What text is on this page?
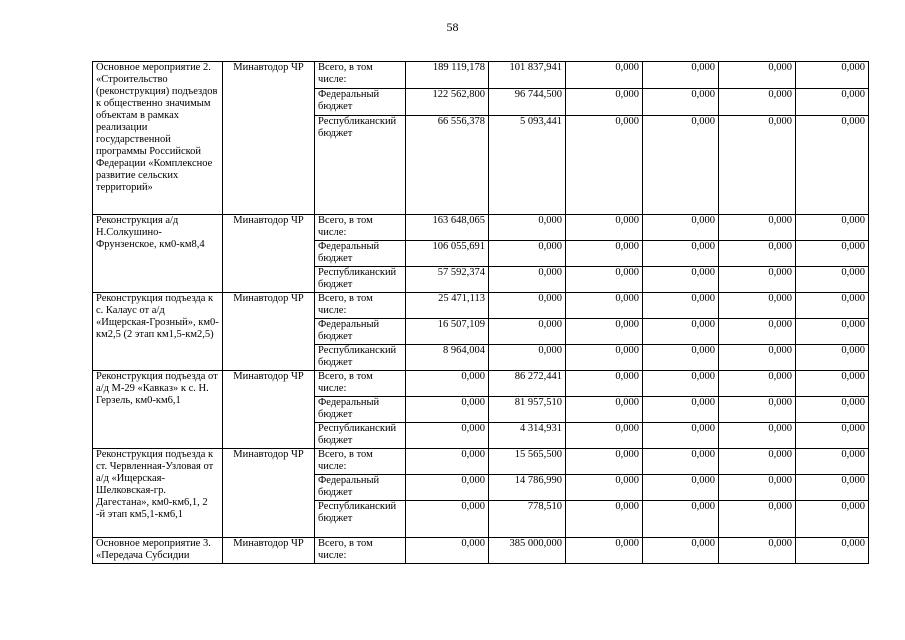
58
Основное мероприятие 2. «Строительство (реконструкция) подъездов к общественно значимым объектам в рамках реализации государственной программы Российской Федерации «Комплексное развитие сельских территорий»	Минавтодор ЧР	Всего, в том числе:	189 119,178	101 837,941	0,000	0,000	0,000	0,000
		Федеральный бюджет	122 562,800	96 744,500	0,000	0,000	0,000	0,000
		Республиканский бюджет	66 556,378	5 093,441	0,000	0,000	0,000	0,000
Реконструкция а/д Н.Солкушино-Фрунзенское, км0-км8,4	Минавтодор ЧР	Всего, в том числе:	163 648,065	0,000	0,000	0,000	0,000	0,000
		Федеральный бюджет	106 055,691	0,000	0,000	0,000	0,000	0,000
		Республиканский бюджет	57 592,374	0,000	0,000	0,000	0,000	0,000
Реконструкция подъезда к с. Калаус от а/д «Ищерская-Грозный», км0-км2,5 (2 этап км1,5-км2,5)	Минавтодор ЧР	Всего, в том числе:	25 471,113	0,000	0,000	0,000	0,000	0,000
		Федеральный бюджет	16 507,109	0,000	0,000	0,000	0,000	0,000
		Республиканский бюджет	8 964,004	0,000	0,000	0,000	0,000	0,000
Реконструкция подъезда от а/д М-29 «Кавказ» к с. Н. Герзель, км0-км6,1	Минавтодор ЧР	Всего, в том числе:	0,000	86 272,441	0,000	0,000	0,000	0,000
		Федеральный бюджет	0,000	81 957,510	0,000	0,000	0,000	0,000
		Республиканский бюджет	0,000	4 314,931	0,000	0,000	0,000	0,000
Реконструкция подъезда к ст. Червленная-Узловая от а/д «Ищерская-Шелковская-гр. Дагестана», км0-км6,1, 2 -й этап км5,1-км6,1	Минавтодор ЧР	Всего, в том числе:	0,000	15 565,500	0,000	0,000	0,000	0,000
		Федеральный бюджет	0,000	14 786,990	0,000	0,000	0,000	0,000
		Республиканский бюджет	0,000	778,510	0,000	0,000	0,000	0,000
Основное мероприятие 3. «Передача Субсидии	Минавтодор ЧР	Всего, в том числе:	0,000	385 000,000	0,000	0,000	0,000	0,000
